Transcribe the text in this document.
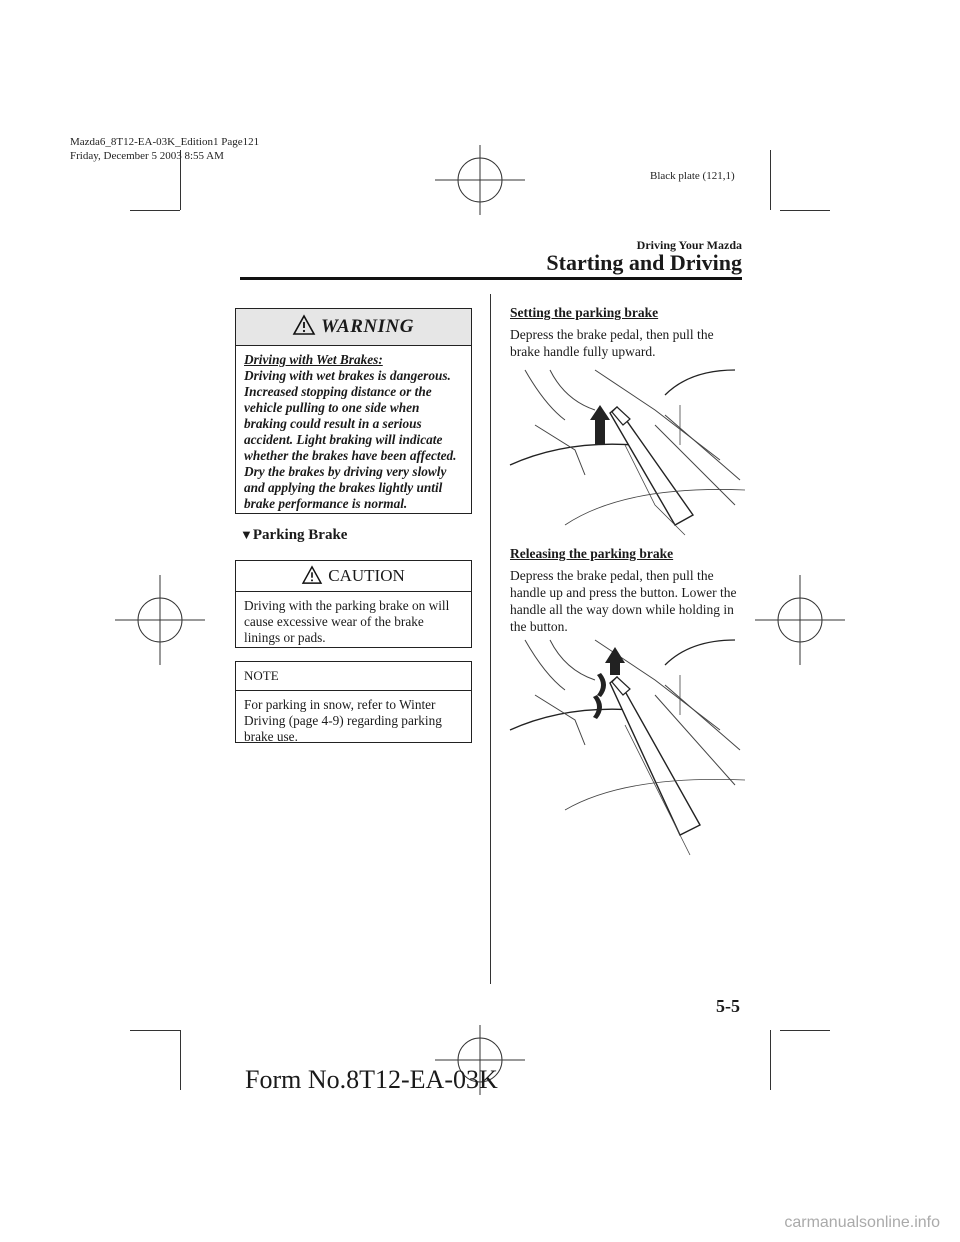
Mazda6_8T12-EA-03K_Edition1 Page121
Friday, December 5 2003 8:55 AM
Black plate (121,1)
Driving Your Mazda
Starting and Driving
WARNING
Driving with Wet Brakes:
Driving with wet brakes is dangerous. Increased stopping distance or the vehicle pulling to one side when braking could result in a serious accident. Light braking will indicate whether the brakes have been affected. Dry the brakes by driving very slowly and applying the brakes lightly until brake performance is normal.
▼Parking Brake
CAUTION
Driving with the parking brake on will cause excessive wear of the brake linings or pads.
NOTE
For parking in snow, refer to Winter Driving (page 4-9) regarding parking brake use.
Setting the parking brake
Depress the brake pedal, then pull the brake handle fully upward.
Releasing the parking brake
Depress the brake pedal, then pull the handle up and press the button. Lower the handle all the way down while holding in the button.
5-5
Form No.8T12-EA-03K
carmanualsonline.info
